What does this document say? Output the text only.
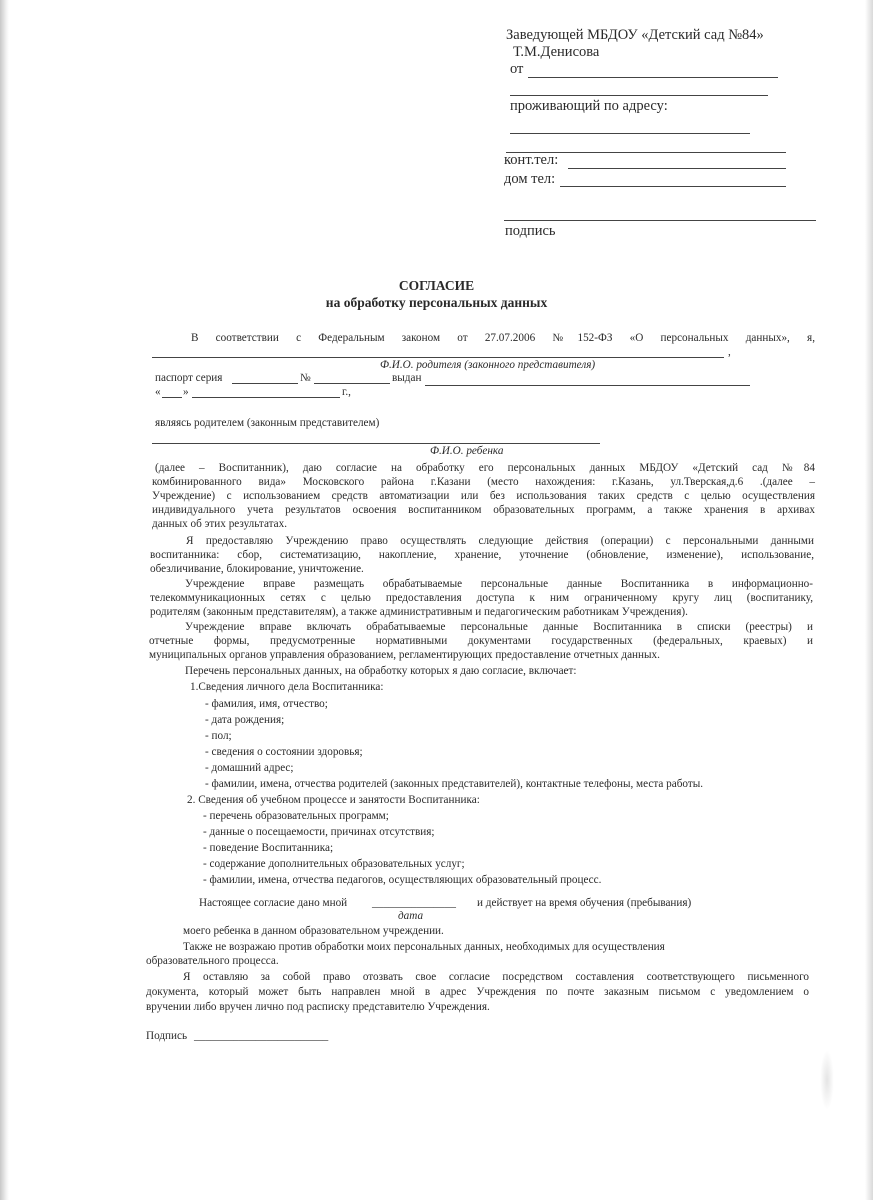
Заведующей МБДОУ «Детский сад №84»
Т.М.Денисова
от
проживающий по адресу:
конт.тел:
дом тел:
подпись
СОГЛАСИЕ
на обработку персональных данных
В соответствии с Федеральным законом от 27.07.2006 №152-ФЗ «О персональных данных», я,
,
Ф.И.О. родителя (законного представителя)
паспорт серия	№	выдан
« »	г.,
являясь родителем (законным представителем)
Ф.И.О. ребенка
(далее – Воспитанник), даю согласие на обработку его персональных данных МБДОУ «Детский сад №84
комбинированного вида» Московского района г.Казани (место нахождения: г.Казань, ул.Тверская,д.6 .(далее –
Учреждение) с использованием средств автоматизации или без использования таких средств с целью осуществления
индивидуального учета результатов освоения воспитанником образовательных программ, а также хранения в архивах
данных об этих результатах.
Я предоставляю Учреждению право осуществлять следующие действия (операции) с персональными данными
воспитанника: сбор, систематизацию, накопление, хранение, уточнение (обновление, изменение), использование,
обезличивание, блокирование, уничтожение.
Учреждение вправе размещать обрабатываемые персональные данные Воспитанника в информационно-
телекоммуникационных сетях с целью предоставления доступа к ним ограниченному кругу лиц (воспитанику,
родителям (законным представителям), а также административным и педагогическим работникам Учреждения).
Учреждение вправе включать обрабатываемые персональные данные Воспитанника в списки (реестры) и
отчетные формы, предусмотренные нормативными документами государственных (федеральных, краевых) и
муниципальных органов управления образованием, регламентирующих предоставление отчетных данных.
Перечень персональных данных, на обработку которых я даю согласие, включает:
1.Сведения личного дела Воспитанника:
- фамилия, имя, отчество;
- дата рождения;
- пол;
- сведения о состоянии здоровья;
- домашний адрес;
- фамилии, имена, отчества родителей (законных представителей), контактные телефоны, места работы.
2. Сведения об учебном процессе и занятости Воспитанника:
- перечень образовательных программ;
- данные о посещаемости, причинах отсутствия;
- поведение Воспитанника;
- содержание дополнительных образовательных услуг;
- фамилии, имена, отчества педагогов, осуществляющих образовательный процесс.
Настоящее согласие дано мной _______________ и действует на время обучения (пребывания)
дата
моего ребенка в данном образовательном учреждении.
Также не возражаю против обработки моих персональных данных, необходимых для осуществления
образовательного процесса.
Я оставляю за собой право отозвать свое согласие посредством составления соответствующего письменного
документа, который может быть направлен мной в адрес Учреждения по почте заказным письмом с уведомлением о
вручении либо вручен лично под расписку представителю Учреждения.
Подпись ________________________
